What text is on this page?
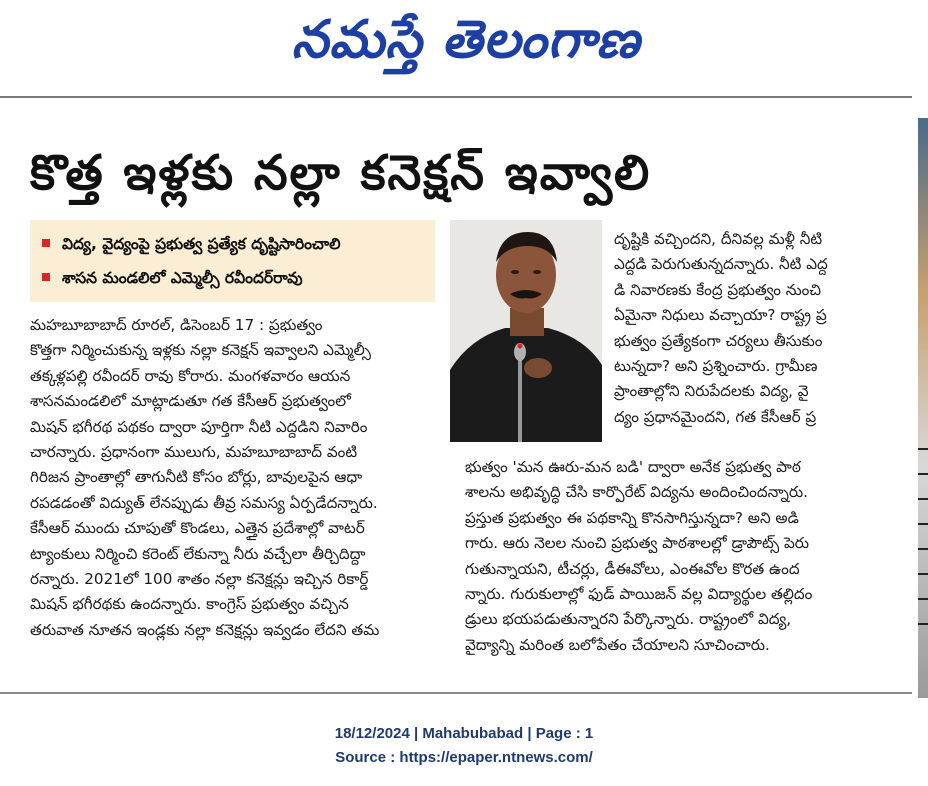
నమస్తే తెలంగాణ
కొత్త ఇళ్లకు నల్లా కనెక్షన్ ఇవ్వాలి
విద్య, వైద్యంపై ప్రభుత్వ ప్రత్యేక దృష్టిసారించాలి
శాసన మండలిలో ఎమ్మెల్సీ రవీందర్‌రావు
మహబూబాబాద్ రూరల్, డిసెంబర్ 17 : ప్రభుత్వం
కొత్తగా నిర్మించుకున్న ఇళ్లకు నల్లా కనెక్షన్ ఇవ్వాలని ఎమ్మెల్సీ
తక్కళ్లపల్లి రవీందర్ రావు కోరారు. మంగళవారం ఆయన
శాసనమండలిలో మాట్లాడుతూ గత కేసీఆర్ ప్రభుత్వంలో
మిషన్ భగీరథ పథకం ద్వారా పూర్తిగా నీటి ఎద్దడిని నివారిం
చారన్నారు. ప్రధానంగా ములుగు, మహబూబాబాద్ వంటి
గిరిజన ప్రాంతాల్లో తాగునీటి కోసం బోర్లు, బావులపైన ఆధా
రపడడంతో విద్యుత్ లేనప్పుడు తీవ్ర సమస్య ఏర్పడేదన్నారు.
కేసీఆర్ ముందు చూపుతో కొండలు, ఎత్తైన ప్రదేశాల్లో వాటర్
ట్యాంకులు నిర్మించి కరెంట్ లేకున్నా నీరు వచ్చేలా తీర్చిదిద్దా
రన్నారు. 2021లో 100 శాతం నల్లా కనెక్షన్లు ఇచ్చిన రికార్డ్
మిషన్ భగీరథకు ఉందన్నారు. కాంగ్రెస్ ప్రభుత్వం వచ్చిన
తరువాత నూతన ఇండ్లకు నల్లా కనెక్షన్లు ఇవ్వడం లేదని తమ
దృష్టికి వచ్చిందని, దీనివల్ల మళ్లీ నీటి
ఎద్దడి పెరుగుతున్నదన్నారు. నీటి ఎద్ద
డి నివారణకు కేంద్ర ప్రభుత్వం నుంచి
ఏమైనా నిధులు వచ్చాయా? రాష్ట్ర ప్ర
భుత్వం ప్రత్యేకంగా చర్యలు తీసుకుం
టున్నదా? అని ప్రశ్నించారు. గ్రామీణ
ప్రాంతాల్లోని నిరుపేదలకు విద్య, వై
ద్యం ప్రధానమైందని, గత కేసీఆర్ ప్ర
భుత్వం 'మన ఊరు-మన బడి' ద్వారా అనేక ప్రభుత్వ పాఠ
శాలను అభివృద్ధి చేసి కార్పొరేట్ విద్యను అందించిందన్నారు.
ప్రస్తుత ప్రభుత్వం ఈ పథకాన్ని కొనసాగిస్తున్నదా? అని అడి
గారు. ఆరు నెలల నుంచి ప్రభుత్వ పాఠశాలల్లో డ్రాపౌట్స్ పెరు
గుతున్నాయని, టీచర్లు, డీఈవోలు, ఎంఈవోల కొరత ఉంద
న్నారు. గురుకులాల్లో ఫుడ్ పాయిజన్ వల్ల విద్యార్థుల తల్లిదం
డ్రులు భయపడుతున్నారని పేర్కొన్నారు. రాష్ట్రంలో విద్య,
వైద్యాన్ని మరింత బలోపేతం చేయాలని సూచించారు.
18/12/2024 | Mahabubabad | Page : 1
Source : https://epaper.ntnews.com/
